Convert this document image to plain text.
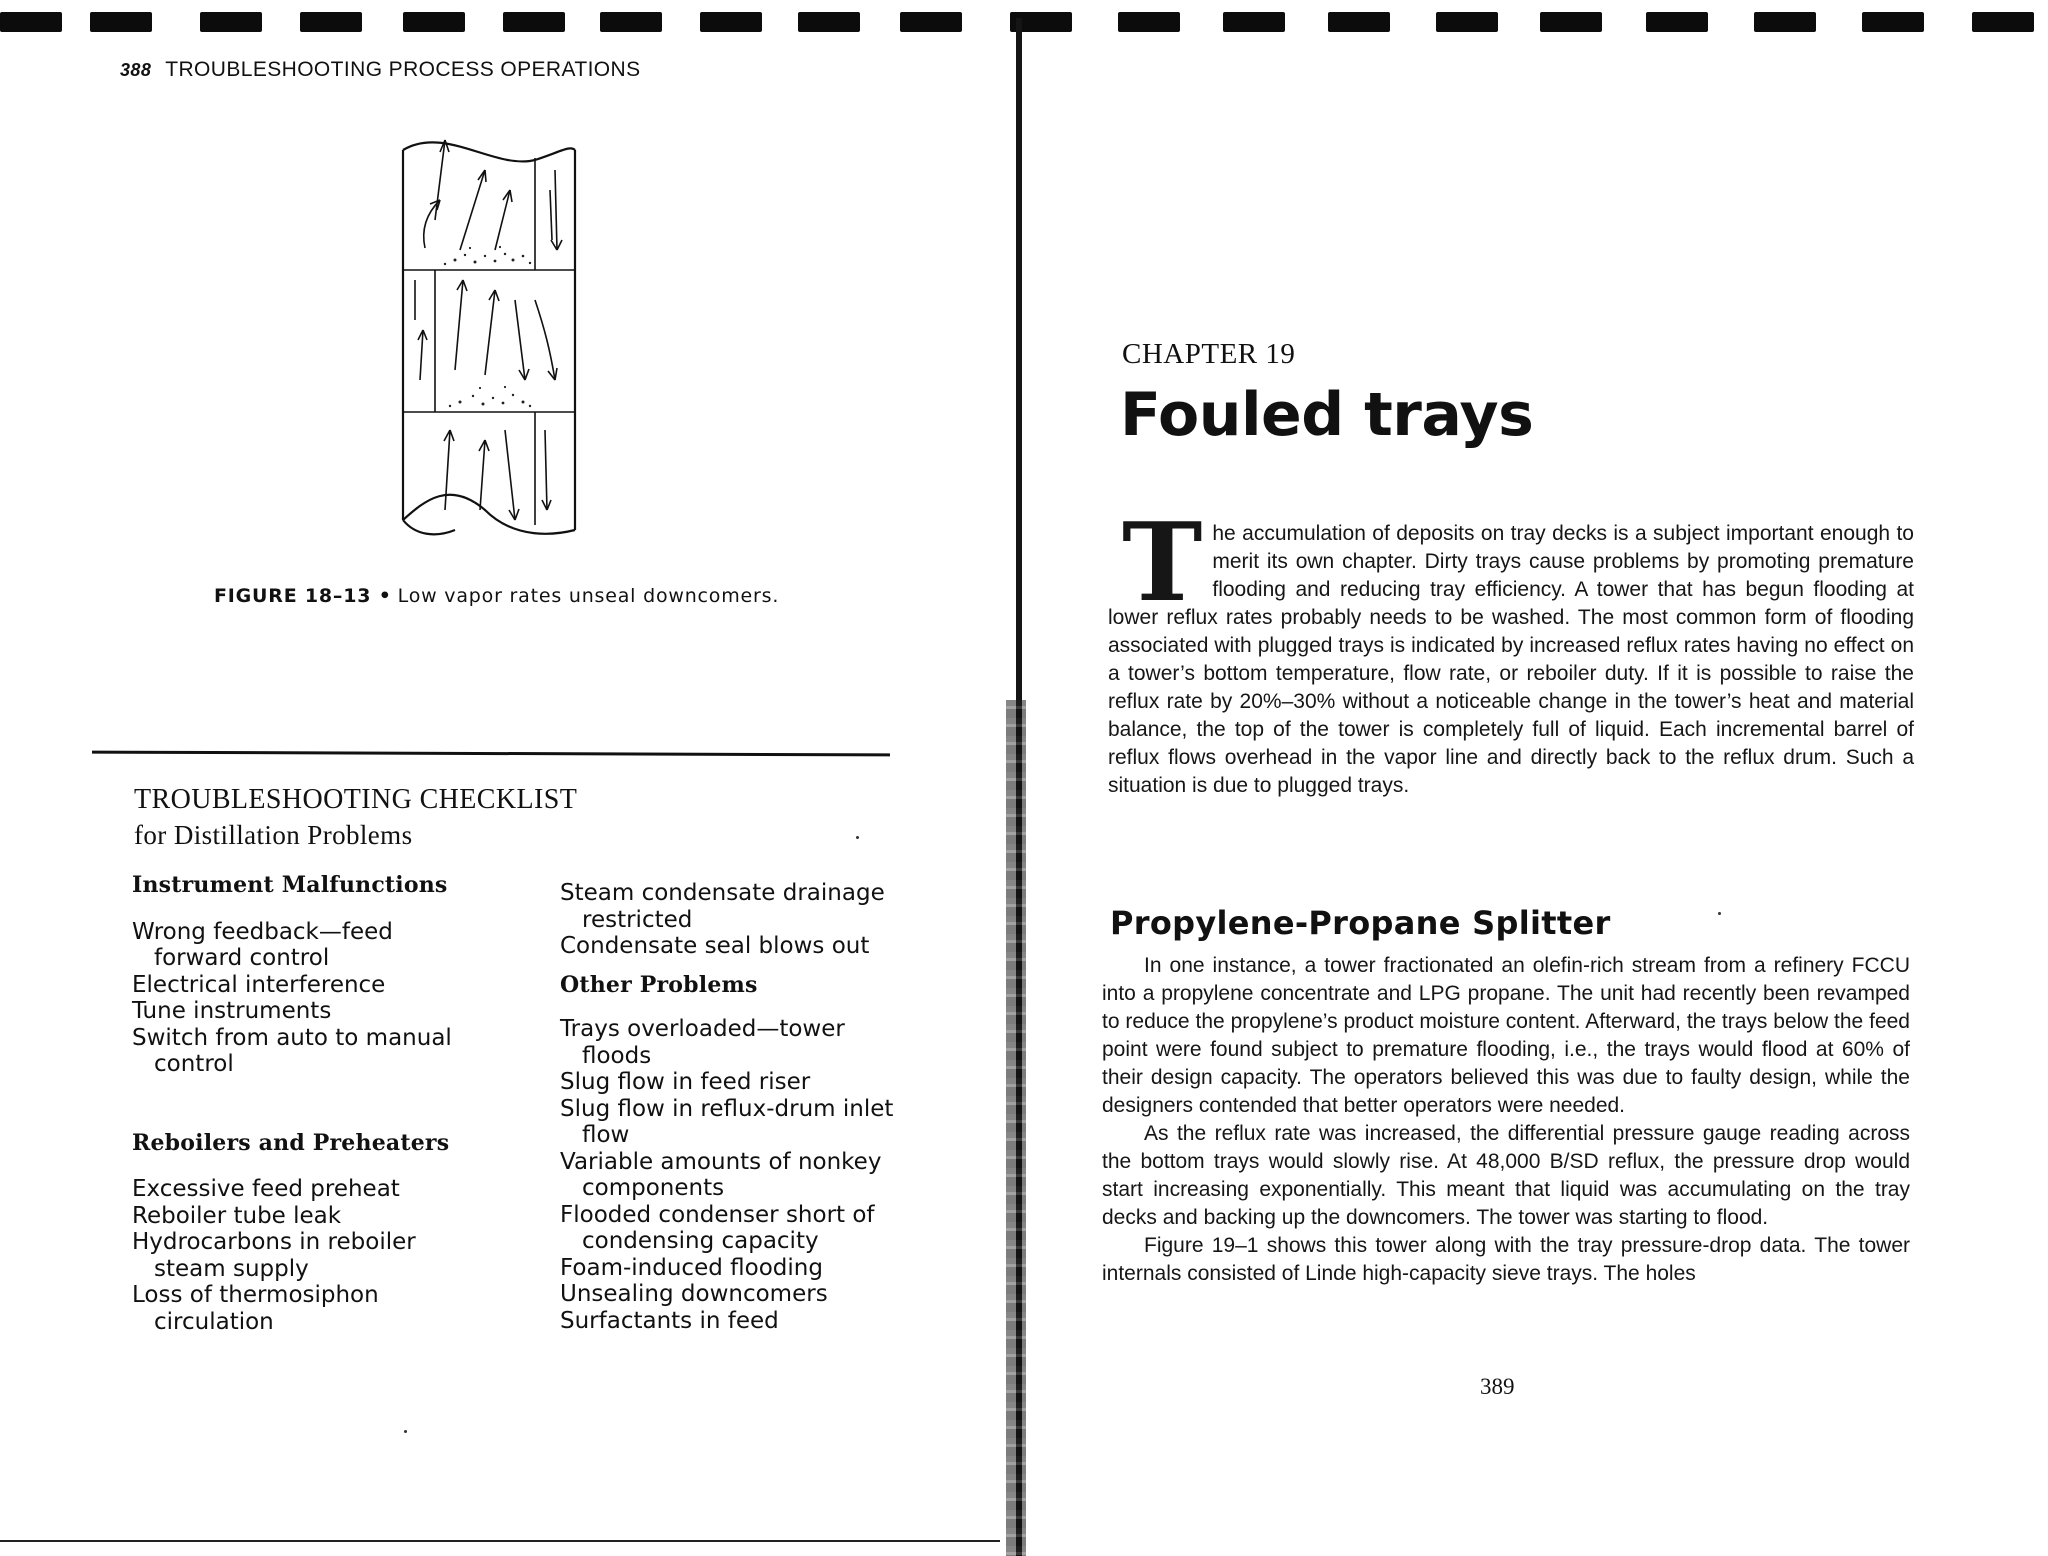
388 TROUBLESHOOTING PROCESS OPERATIONS
FIGURE 18–13 • Low vapor rates unseal downcomers.
TROUBLESHOOTING CHECKLIST
for Distillation Problems
Instrument Malfunctions
Wrong feedback—feed forward control
Electrical interference
Tune instruments
Switch from auto to manual control
Reboilers and Preheaters
Excessive feed preheat
Reboiler tube leak
Hydrocarbons in reboiler steam supply
Loss of thermosiphon circulation
Steam condensate drainage restricted
Condensate seal blows out
Other Problems
Trays overloaded—tower floods
Slug flow in feed riser
Slug flow in reflux-drum inlet flow
Variable amounts of nonkey components
Flooded condenser short of condensing capacity
Foam-induced flooding
Unsealing downcomers
Surfactants in feed
CHAPTER 19
Fouled trays
The accumulation of deposits on tray decks is a subject important enough to merit its own chapter. Dirty trays cause problems by promoting premature flooding and reducing tray efficiency. A tower that has begun flooding at lower reflux rates probably needs to be washed. The most common form of flooding associated with plugged trays is indicated by increased reflux rates having no effect on a tower’s bottom temperature, flow rate, or reboiler duty. If it is possible to raise the reflux rate by 20%–30% without a noticeable change in the tower’s heat and material balance, the top of the tower is completely full of liquid. Each incremental barrel of reflux flows overhead in the vapor line and directly back to the reflux drum. Such a situation is due to plugged trays.
Propylene-Propane Splitter

In one instance, a tower fractionated an olefin-rich stream from a refinery FCCU into a propylene concentrate and LPG propane. The unit had recently been revamped to reduce the propylene’s product moisture content. Afterward, the trays below the feed point were found subject to premature flooding, i.e., the trays would flood at 60% of their design capacity. The operators believed this was due to faulty design, while the designers contended that better operators were needed.

As the reflux rate was increased, the differential pressure gauge reading across the bottom trays would slowly rise. At 48,000 B/SD reflux, the pressure drop would start increasing exponentially. This meant that liquid was accumulating on the tray decks and backing up the downcomers. The tower was starting to flood.

Figure 19–1 shows this tower along with the tray pressure-drop data. The tower internals consisted of Linde high-capacity sieve trays. The holes

389
